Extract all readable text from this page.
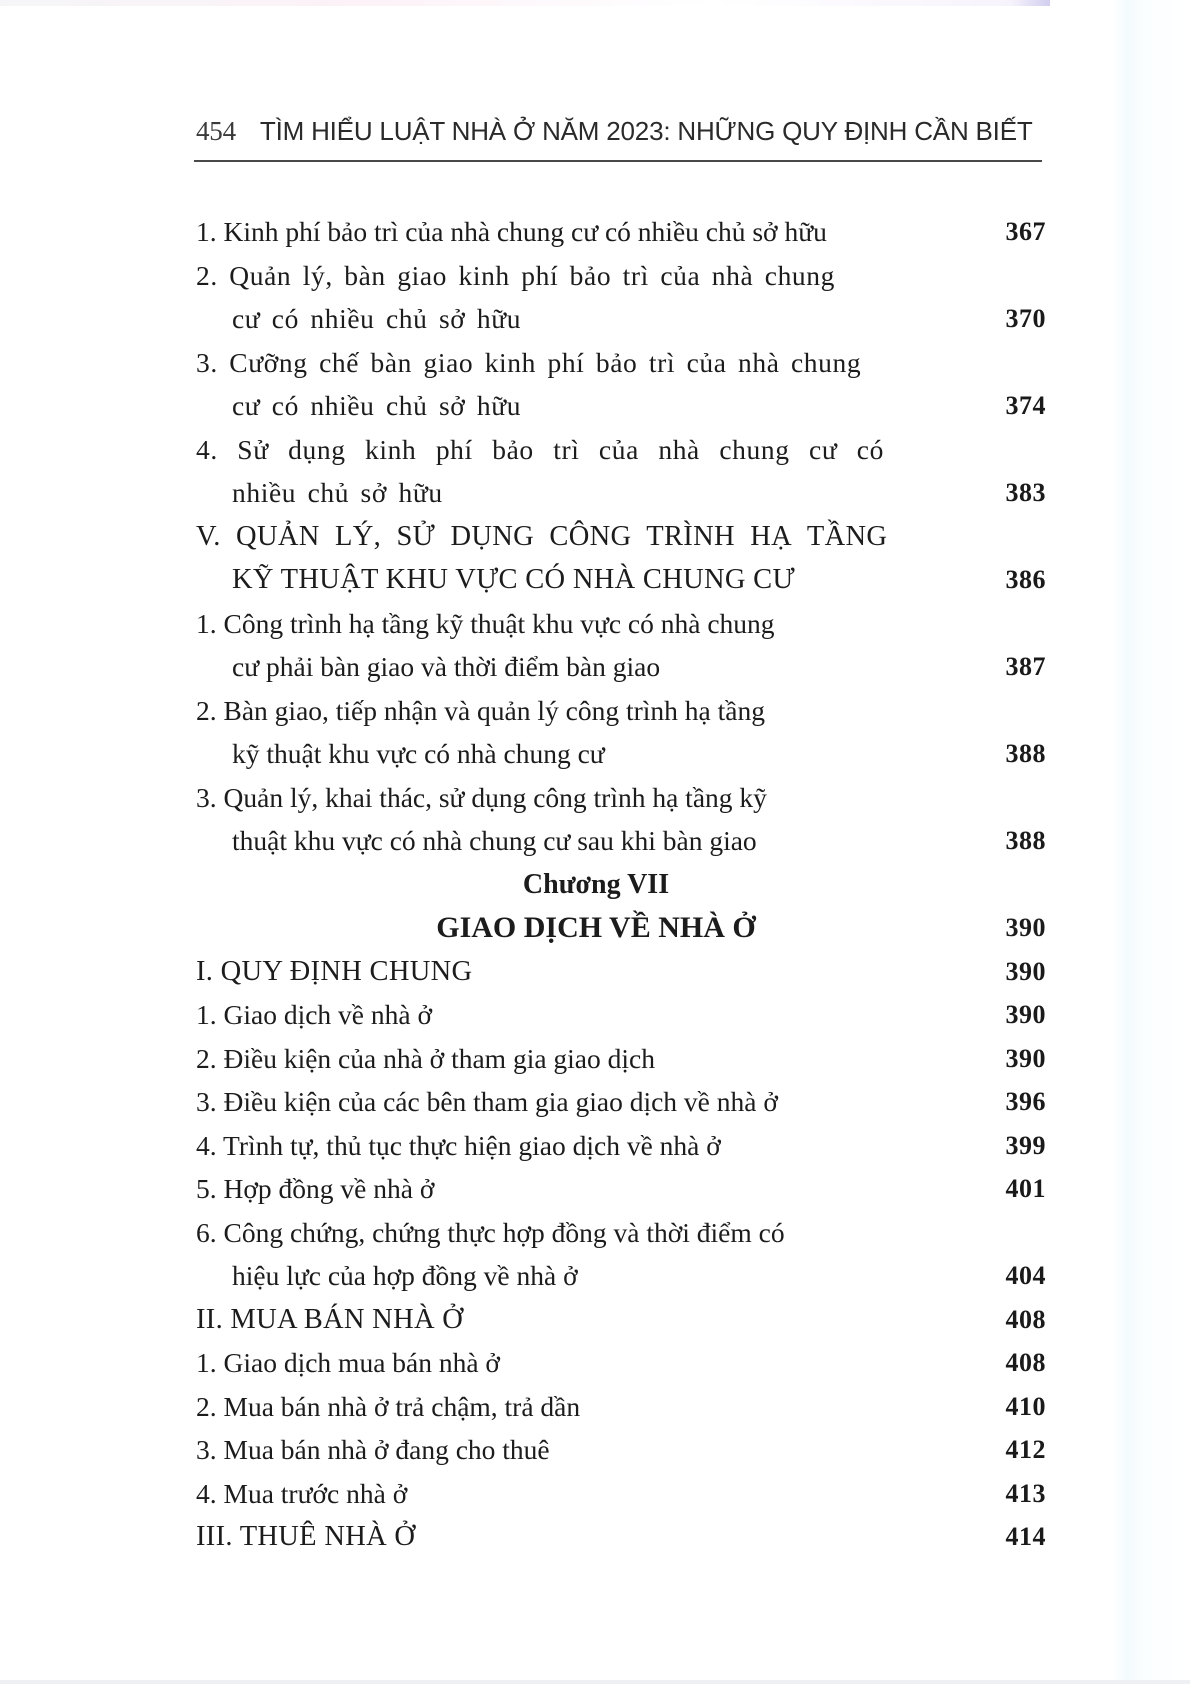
454 TÌM HIỂU LUẬT NHÀ Ở NĂM 2023: NHỮNG QUY ĐỊNH CẦN BIẾT
1. Kinh phí bảo trì của nhà chung cư có nhiều chủ sở hữu	367
2. Quản lý, bàn giao kinh phí bảo trì của nhà chung
cư có nhiều chủ sở hữu	370
3. Cưỡng chế bàn giao kinh phí bảo trì của nhà chung
cư có nhiều chủ sở hữu	374
4. Sử dụng kinh phí bảo trì của nhà chung cư có
nhiều chủ sở hữu	383
V. QUẢN LÝ, SỬ DỤNG CÔNG TRÌNH HẠ TẦNG
KỸ THUẬT KHU VỰC CÓ NHÀ CHUNG CƯ	386
1. Công trình hạ tầng kỹ thuật khu vực có nhà chung
cư phải bàn giao và thời điểm bàn giao	387
2. Bàn giao, tiếp nhận và quản lý công trình hạ tầng
kỹ thuật khu vực có nhà chung cư	388
3. Quản lý, khai thác, sử dụng công trình hạ tầng kỹ
thuật khu vực có nhà chung cư sau khi bàn giao	388
Chương VII
GIAO DỊCH VỀ NHÀ Ở	390
I. QUY ĐỊNH CHUNG	390
1. Giao dịch về nhà ở	390
2. Điều kiện của nhà ở tham gia giao dịch	390
3. Điều kiện của các bên tham gia giao dịch về nhà ở	396
4. Trình tự, thủ tục thực hiện giao dịch về nhà ở	399
5. Hợp đồng về nhà ở	401
6. Công chứng, chứng thực hợp đồng và thời điểm có
hiệu lực của hợp đồng về nhà ở	404
II. MUA BÁN NHÀ Ở	408
1. Giao dịch mua bán nhà ở	408
2. Mua bán nhà ở trả chậm, trả dần	410
3. Mua bán nhà ở đang cho thuê	412
4. Mua trước nhà ở	413
III. THUÊ NHÀ Ở	414
